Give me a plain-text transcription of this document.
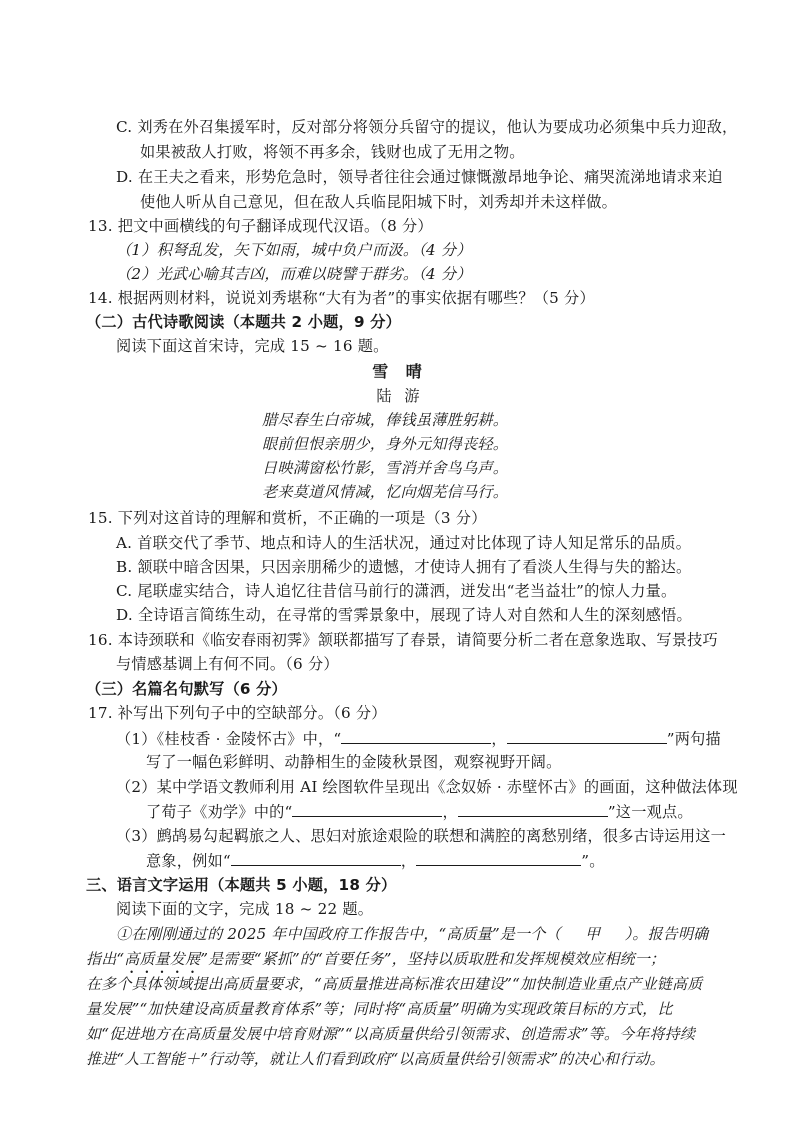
C. 刘秀在外召集援军时，反对部分将领分兵留守的提议，他认为要成功必须集中兵力迎敌，
如果被敌人打败，将领不再多余，钱财也成了无用之物。
D. 在王夫之看来，形势危急时，领导者往往会通过慷慨激昂地争论、痛哭流涕地请求来迫
使他人听从自己意见，但在敌人兵临昆阳城下时，刘秀却并未这样做。
13. 把文中画横线的句子翻译成现代汉语。（8 分）
（1）积弩乱发，矢下如雨，城中负户而汲。（4 分）
（2）光武心喻其吉凶，而难以晓譬于群劣。（4 分）
14. 根据两则材料，说说刘秀堪称“大有为者”的事实依据有哪些？（5 分）
（二）古代诗歌阅读（本题共 2 小题，9 分）
阅读下面这首宋诗，完成 15 ~ 16 题。
雪 晴
陆 游
腊尽春生白帝城，俸钱虽薄胜躬耕。
眼前但恨亲朋少，身外元知得丧轻。
日映满窗松竹影，雪消并舍鸟乌声。
老来莫道风情减，忆向烟芜信马行。
15. 下列对这首诗的理解和赏析，不正确的一项是（3 分）
A. 首联交代了季节、地点和诗人的生活状况，通过对比体现了诗人知足常乐的品质。
B. 颔联中暗含因果，只因亲朋稀少的遗憾，才使诗人拥有了看淡人生得与失的豁达。
C. 尾联虚实结合，诗人追忆往昔信马前行的潇洒，迸发出“老当益壮”的惊人力量。
D. 全诗语言简练生动，在寻常的雪霁景象中，展现了诗人对自然和人生的深刻感悟。
16. 本诗颈联和《临安春雨初霁》颔联都描写了春景，请简要分析二者在意象选取、写景技巧
与情感基调上有何不同。（6 分）
（三）名篇名句默写（6 分）
17. 补写出下列句子中的空缺部分。（6 分）
（1）《桂枝香 · 金陵怀古》中，“	，	”两句描
写了一幅色彩鲜明、动静相生的金陵秋景图，观察视野开阔。
（2）某中学语文教师利用 AI 绘图软件呈现出《念奴娇 · 赤壁怀古》的画面，这种做法体现
了荀子《劝学》中的“	，	”这一观点。
（3）鹧鸪易勾起羁旅之人、思妇对旅途艰险的联想和满腔的离愁别绪，很多古诗运用这一
意象，例如“	，	”。
三、语言文字运用（本题共 5 小题，18 分）
阅读下面的文字，完成 18 ~ 22 题。
①在刚刚通过的 2025 年中国政府工作报告中，“高质量”是一个（ 甲 ）。报告明确
指出“高质量发展”是需要“紧抓”的“首要任务”，坚持以质取胜和发挥规模效应相统一；
在多个具体领域提出高质量要求，“高质量推进高标准农田建设”“加快制造业重点产业链高质
量发展”“加快建设高质量教育体系”等；同时将“高质量”明确为实现政策目标的方式，比
如“促进地方在高质量发展中培育财源”“以高质量供给引领需求、创造需求”等。今年将持续
推进“人工智能＋”行动等，就让人们看到政府“以高质量供给引领需求”的决心和行动。
